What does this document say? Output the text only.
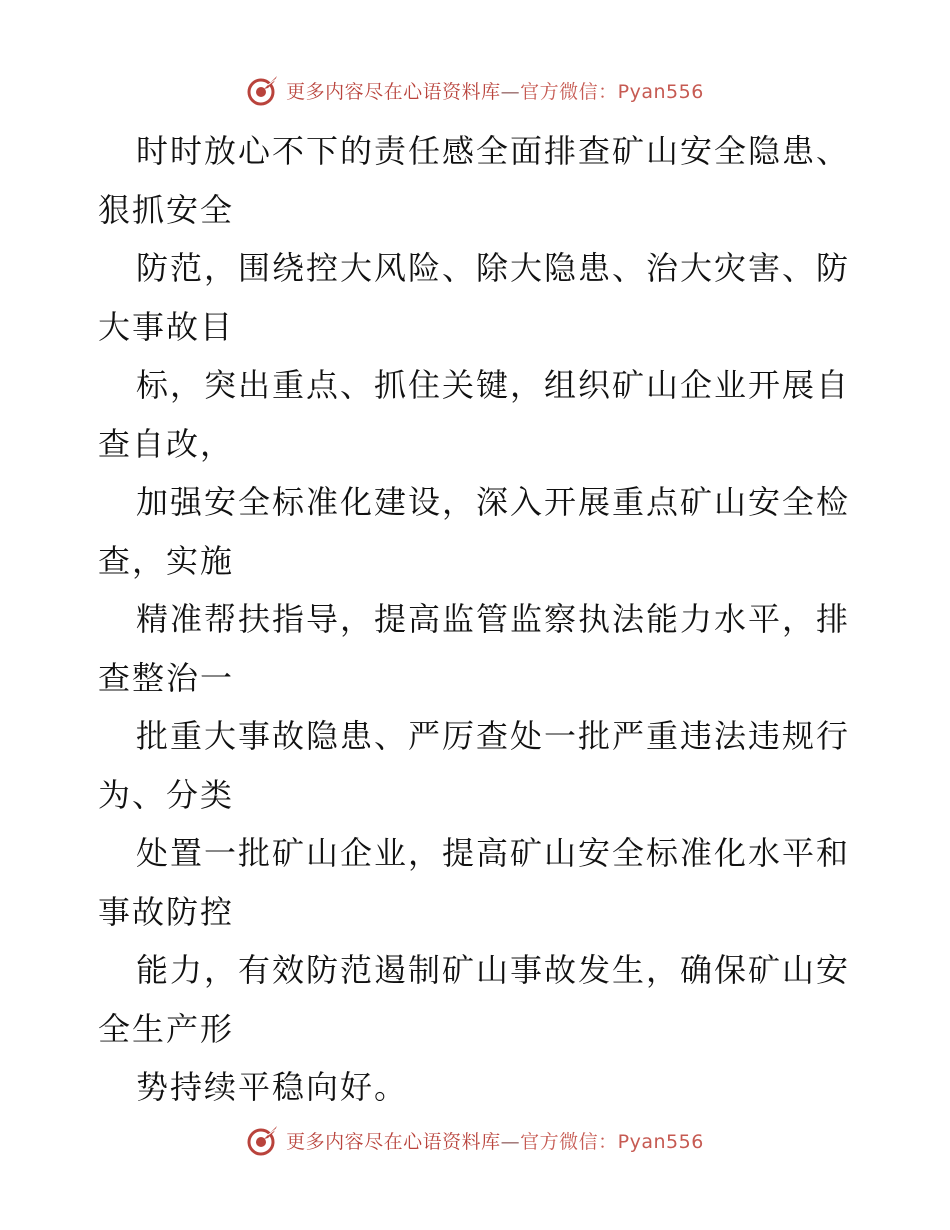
更多内容尽在心语资料库—官方微信：Pyan556
时时放心不下的责任感全面排查矿山安全隐患、
狠抓安全
防范，围绕控大风险、除大隐患、治大灾害、防
大事故目
标，突出重点、抓住关键，组织矿山企业开展自
查自改，
加强安全标准化建设，深入开展重点矿山安全检
查，实施
精准帮扶指导，提高监管监察执法能力水平，排
查整治一
批重大事故隐患、严厉查处一批严重违法违规行
为、分类
处置一批矿山企业，提高矿山安全标准化水平和
事故防控
能力，有效防范遏制矿山事故发生，确保矿山安
全生产形
势持续平稳向好。
更多内容尽在心语资料库—官方微信：Pyan556
